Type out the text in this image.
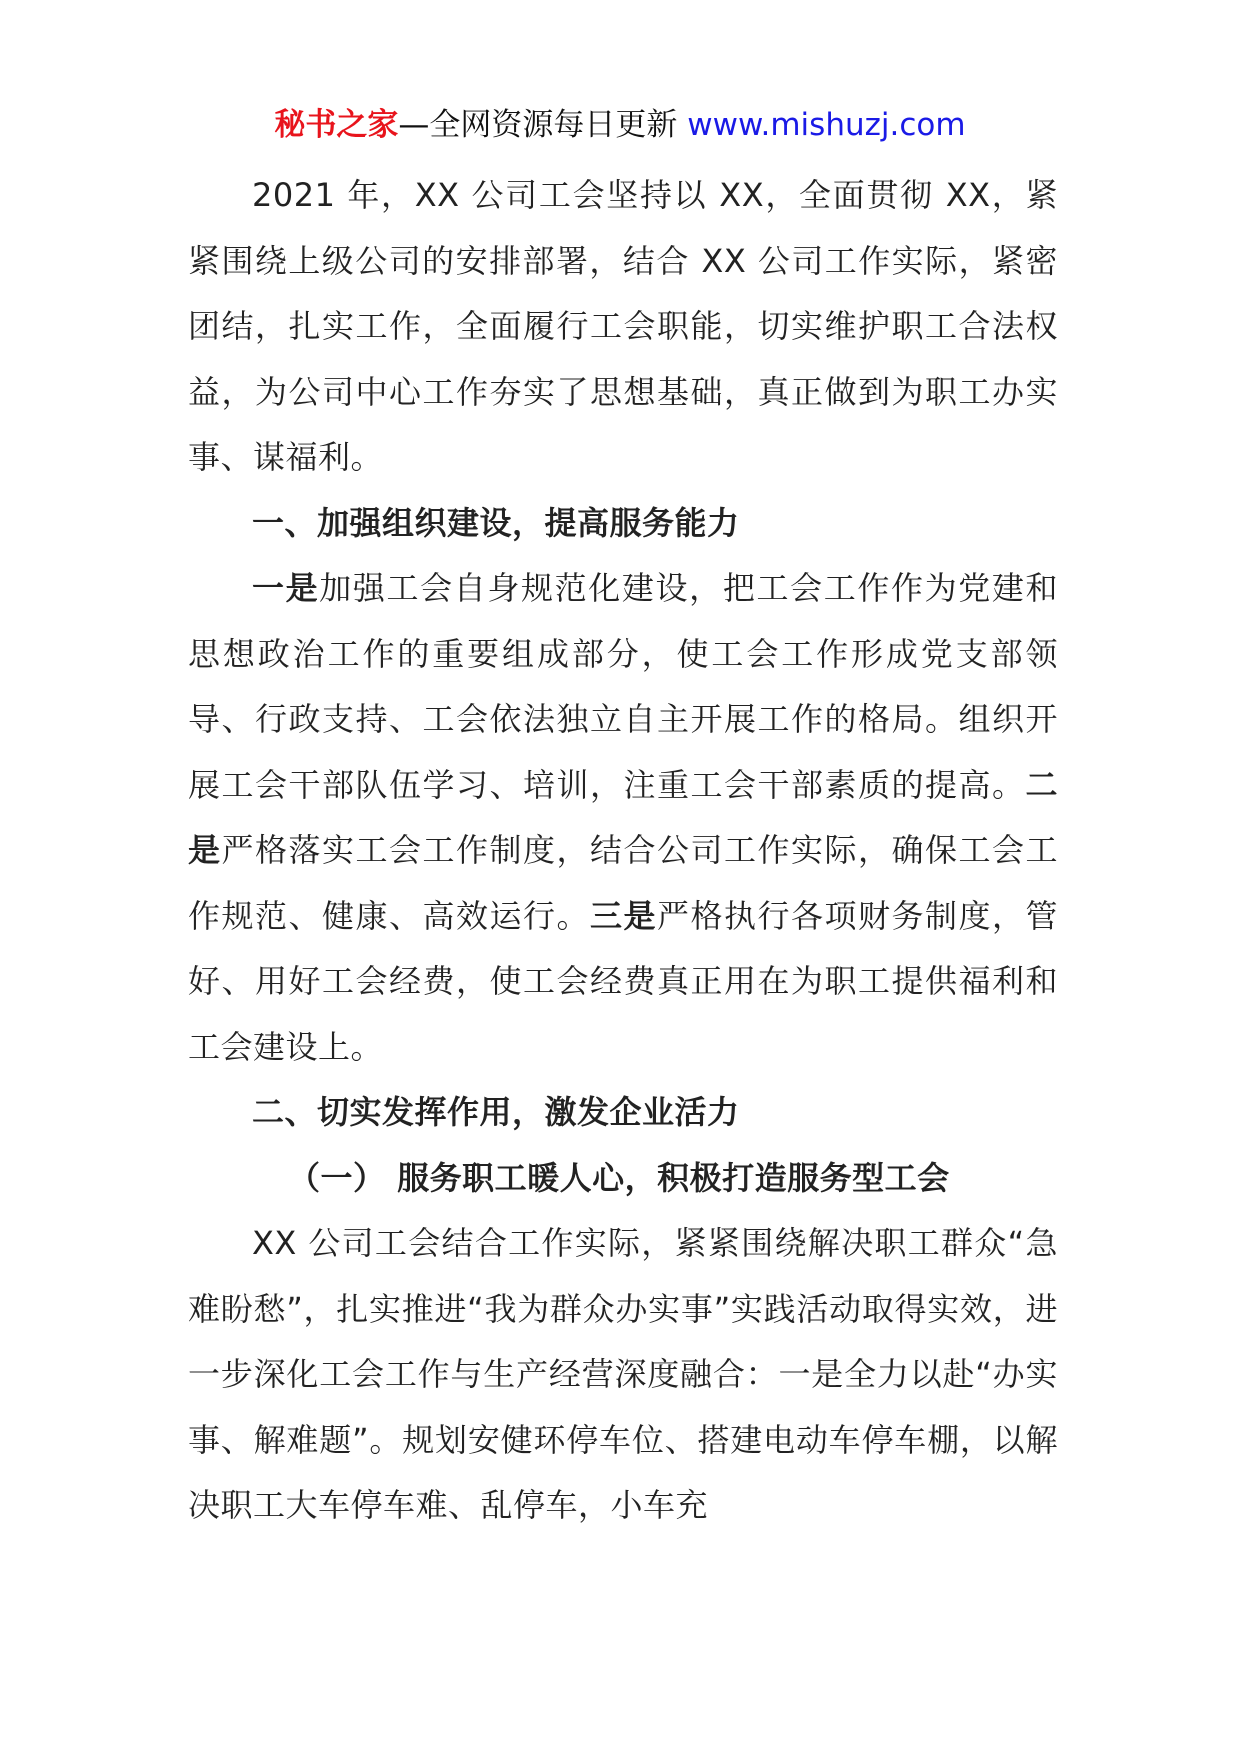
秘书之家—全网资源每日更新 www.mishuzj.com

2021 年，XX 公司工会坚持以 XX，全面贯彻 XX，紧紧围绕上级公司的安排部署，结合 XX 公司工作实际，紧密团结，扎实工作，全面履行工会职能，切实维护职工合法权益，为公司中心工作夯实了思想基础，真正做到为职工办实事、谋福利。

一、加强组织建设，提高服务能力

一是加强工会自身规范化建设，把工会工作作为党建和思想政治工作的重要组成部分，使工会工作形成党支部领导、行政支持、工会依法独立自主开展工作的格局。组织开展工会干部队伍学习、培训，注重工会干部素质的提高。二是严格落实工会工作制度，结合公司工作实际，确保工会工作规范、健康、高效运行。三是严格执行各项财务制度，管好、用好工会经费，使工会经费真正用在为职工提供福利和工会建设上。

二、切实发挥作用，激发企业活力

（一） 服务职工暖人心，积极打造服务型工会

XX 公司工会结合工作实际，紧紧围绕解决职工群众“急难盼愁”，扎实推进“我为群众办实事”实践活动取得实效，进一步深化工会工作与生产经营深度融合：一是全力以赴“办实事、解难题”。规划安健环停车位、搭建电动车停车棚，以解决职工大车停车难、乱停车，小车充
